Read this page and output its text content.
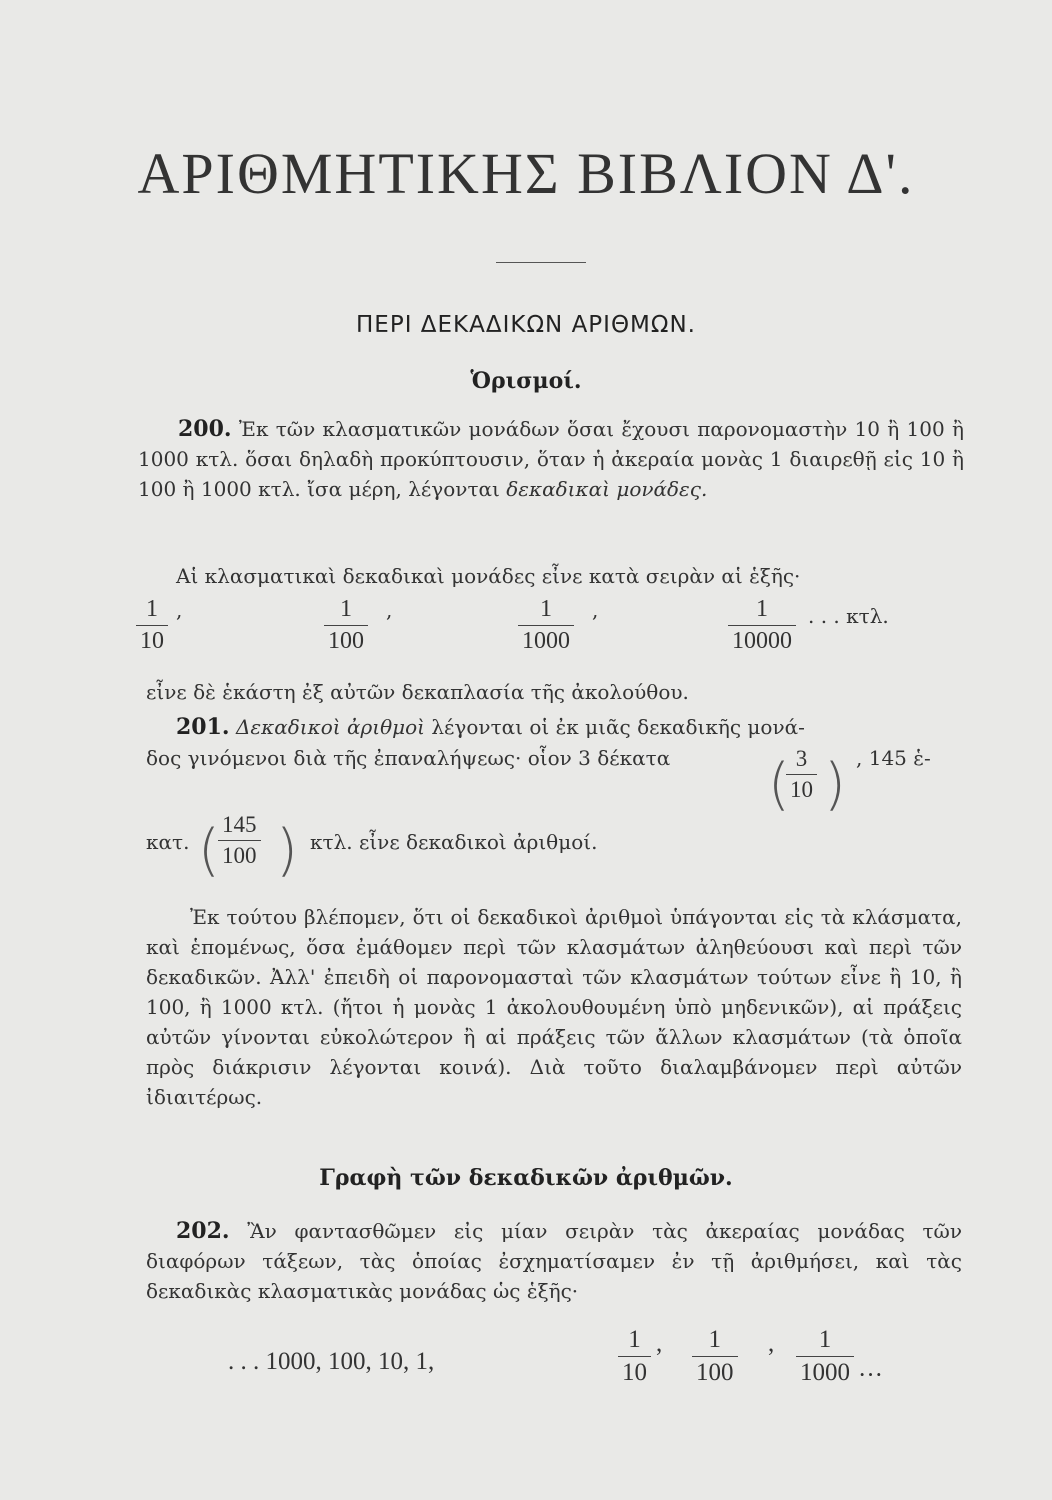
ΑΡΙΘΜΗΤΙΚΗΣ ΒΙΒΛΙΟΝ Δ'.
ΠΕΡΙ ΔΕΚΑΔΙΚΩΝ ΑΡΙΘΜΩΝ.
Ὁρισμοί.
200. Ἐκ τῶν κλασματικῶν μονάδων ὅσαι ἔχουσι παρονομαστὴν 10 ἢ 100 ἢ 1000 κτλ. ὅσαι δηλαδὴ προκύπτουσιν, ὅταν ἡ ἀκεραία μονὰς 1 διαιρεθῇ εἰς 10 ἢ 100 ἢ 1000 κτλ. ἴσα μέρη, λέγονται δεκαδικαὶ μονάδες.
Αἱ κλασματικαὶ δεκαδικαὶ μονάδες εἶνε κατὰ σειρὰν αἱ ἑξῆς·
$\frac{1}{10}$ ,	$\frac{1}{100}$ ,	$\frac{1}{1000}$ ,	$\frac{1}{10000}$ . . . κτλ.
εἶνε δὲ ἑκάστη ἐξ αὐτῶν δεκαπλασία τῆς ἀκολούθου.
201. Δεκαδικοὶ ἀριθμοὶ λέγονται οἱ ἐκ μιᾶς δεκαδικῆς μονά-
δος γινόμενοι διὰ τῆς ἐπαναλήψεως· οἷον 3 δέκατα (
$\frac{3}{10}$ ) , 145 ἑ-
κατ. (
$\frac{145}{100}$ ) κτλ. εἶνε δεκαδικοὶ ἀριθμοί.
Ἐκ τούτου βλέπομεν, ὅτι οἱ δεκαδικοὶ ἀριθμοὶ ὑπάγονται εἰς τὰ κλάσματα, καὶ ἑπομένως, ὅσα ἐμάθομεν περὶ τῶν κλασμάτων ἀληθεύουσι καὶ περὶ τῶν δεκαδικῶν. Ἀλλ' ἐπειδὴ οἱ παρονομασταὶ τῶν κλασμάτων τούτων εἶνε ἢ 10, ἢ 100, ἢ 1000 κτλ. (ἤτοι ἡ μονὰς 1 ἀκολουθουμένη ὑπὸ μηδενικῶν), αἱ πράξεις αὐτῶν γίνονται εὐκολώτερον ἢ αἱ πράξεις τῶν ἄλλων κλασμάτων (τὰ ὁποῖα πρὸς διάκρισιν λέγονται κοινά). Διὰ τοῦτο διαλαμβάνομεν περὶ αὐτῶν ἰδιαιτέρως.
Γραφὴ τῶν δεκαδικῶν ἀριθμῶν.
202. Ἂν φαντασθῶμεν εἰς μίαν σειρὰν τὰς ἀκεραίας μονάδας τῶν διαφόρων τάξεων, τὰς ὁποίας ἐσχηματίσαμεν ἐν τῇ ἀριθμήσει, καὶ τὰς δεκαδικὰς κλασματικὰς μονάδας ὡς ἑξῆς·
. . . 1000, 100, 10, 1,	$\frac{1}{10}$ , $\frac{1}{100}$ , $\frac{1}{1000}$ ···
